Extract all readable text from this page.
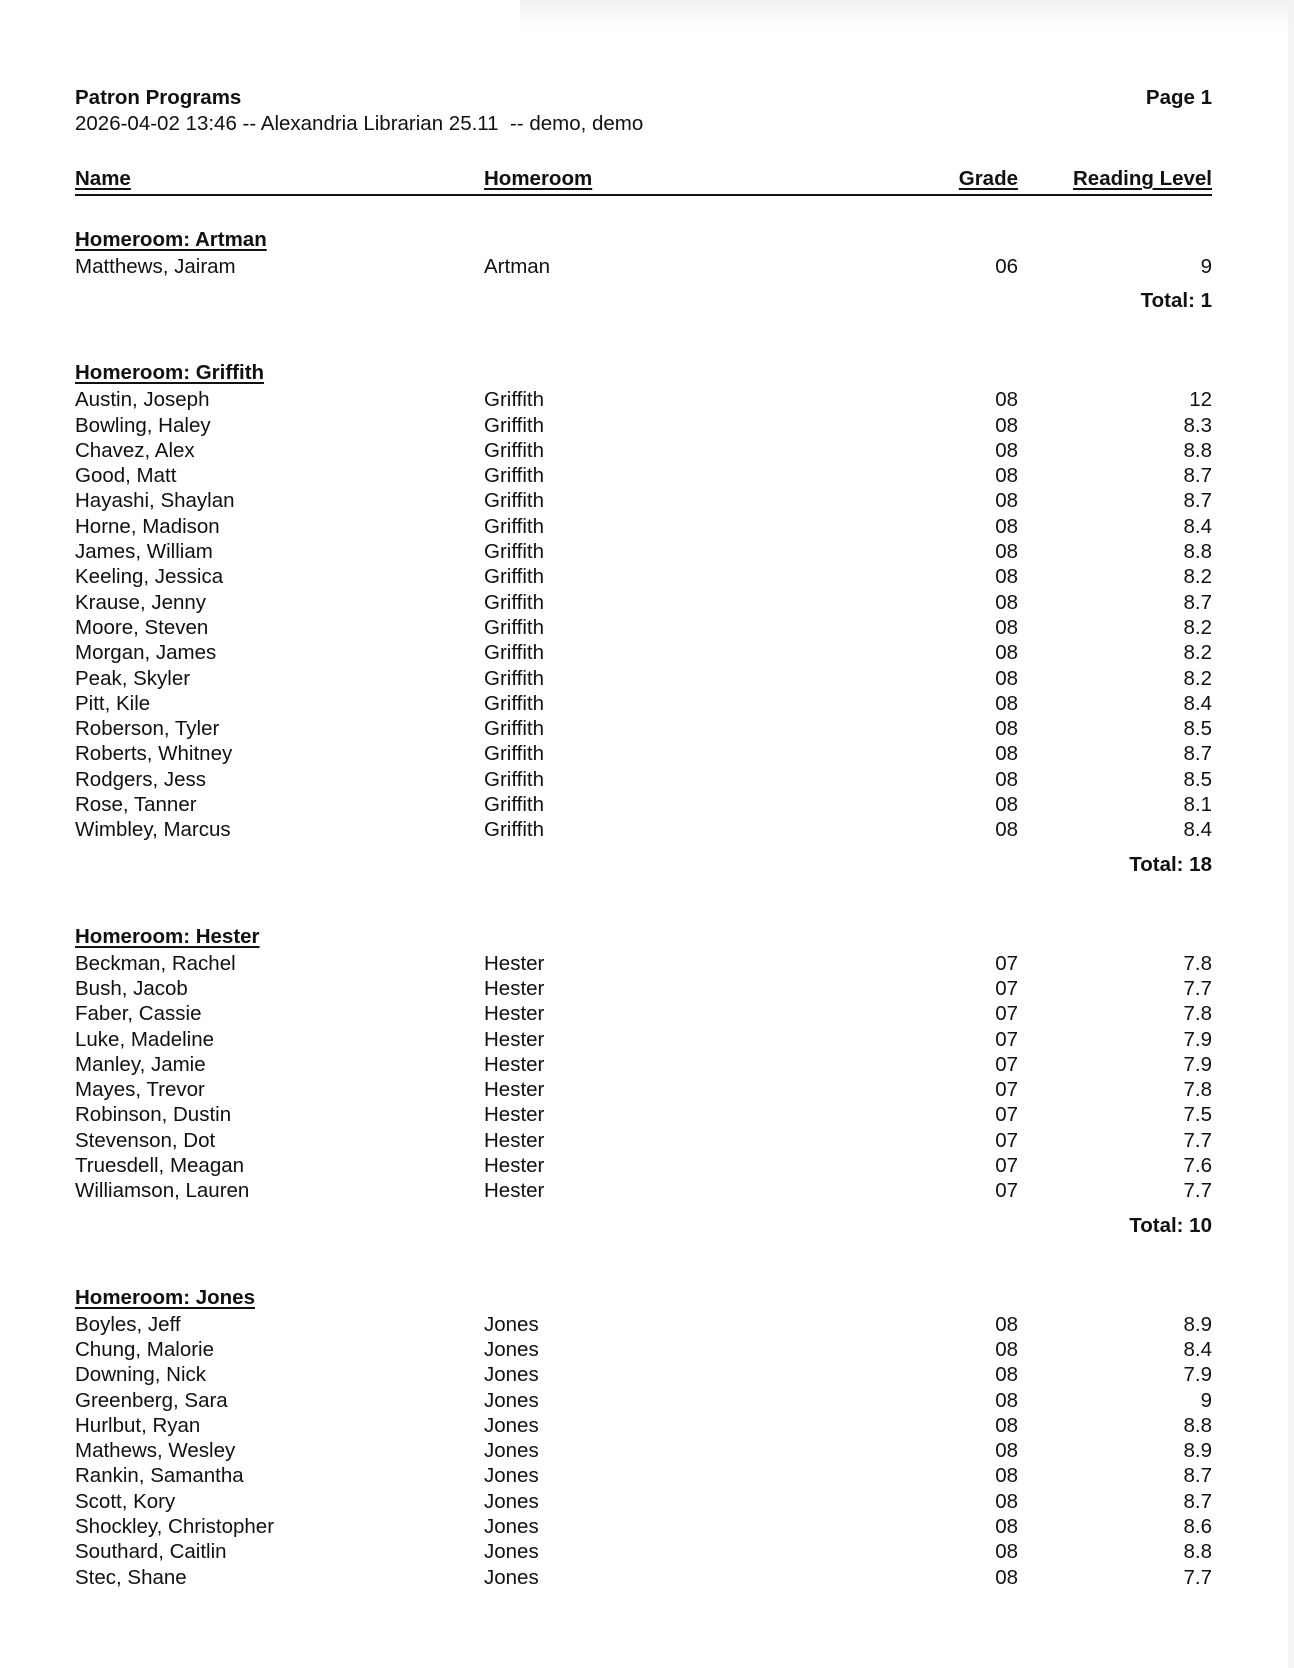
Patron Programs	Page 1
2026-04-02 13:46 -- Alexandria Librarian 25.11  -- demo, demo
Name	Homeroom	Grade	Reading Level
Homeroom: Artman
Matthews, Jairam	Artman	06	9
Total: 1
Homeroom: Griffith
Austin, Joseph	Griffith	08	12
Bowling, Haley	Griffith	08	8.3
Chavez, Alex	Griffith	08	8.8
Good, Matt	Griffith	08	8.7
Hayashi, Shaylan	Griffith	08	8.7
Horne, Madison	Griffith	08	8.4
James, William	Griffith	08	8.8
Keeling, Jessica	Griffith	08	8.2
Krause, Jenny	Griffith	08	8.7
Moore, Steven	Griffith	08	8.2
Morgan, James	Griffith	08	8.2
Peak, Skyler	Griffith	08	8.2
Pitt, Kile	Griffith	08	8.4
Roberson, Tyler	Griffith	08	8.5
Roberts, Whitney	Griffith	08	8.7
Rodgers, Jess	Griffith	08	8.5
Rose, Tanner	Griffith	08	8.1
Wimbley, Marcus	Griffith	08	8.4
Total: 18
Homeroom: Hester
Beckman, Rachel	Hester	07	7.8
Bush, Jacob	Hester	07	7.7
Faber, Cassie	Hester	07	7.8
Luke, Madeline	Hester	07	7.9
Manley, Jamie	Hester	07	7.9
Mayes, Trevor	Hester	07	7.8
Robinson, Dustin	Hester	07	7.5
Stevenson, Dot	Hester	07	7.7
Truesdell, Meagan	Hester	07	7.6
Williamson, Lauren	Hester	07	7.7
Total: 10
Homeroom: Jones
Boyles, Jeff	Jones	08	8.9
Chung, Malorie	Jones	08	8.4
Downing, Nick	Jones	08	7.9
Greenberg, Sara	Jones	08	9
Hurlbut, Ryan	Jones	08	8.8
Mathews, Wesley	Jones	08	8.9
Rankin, Samantha	Jones	08	8.7
Scott, Kory	Jones	08	8.7
Shockley, Christopher	Jones	08	8.6
Southard, Caitlin	Jones	08	8.8
Stec, Shane	Jones	08	7.7
